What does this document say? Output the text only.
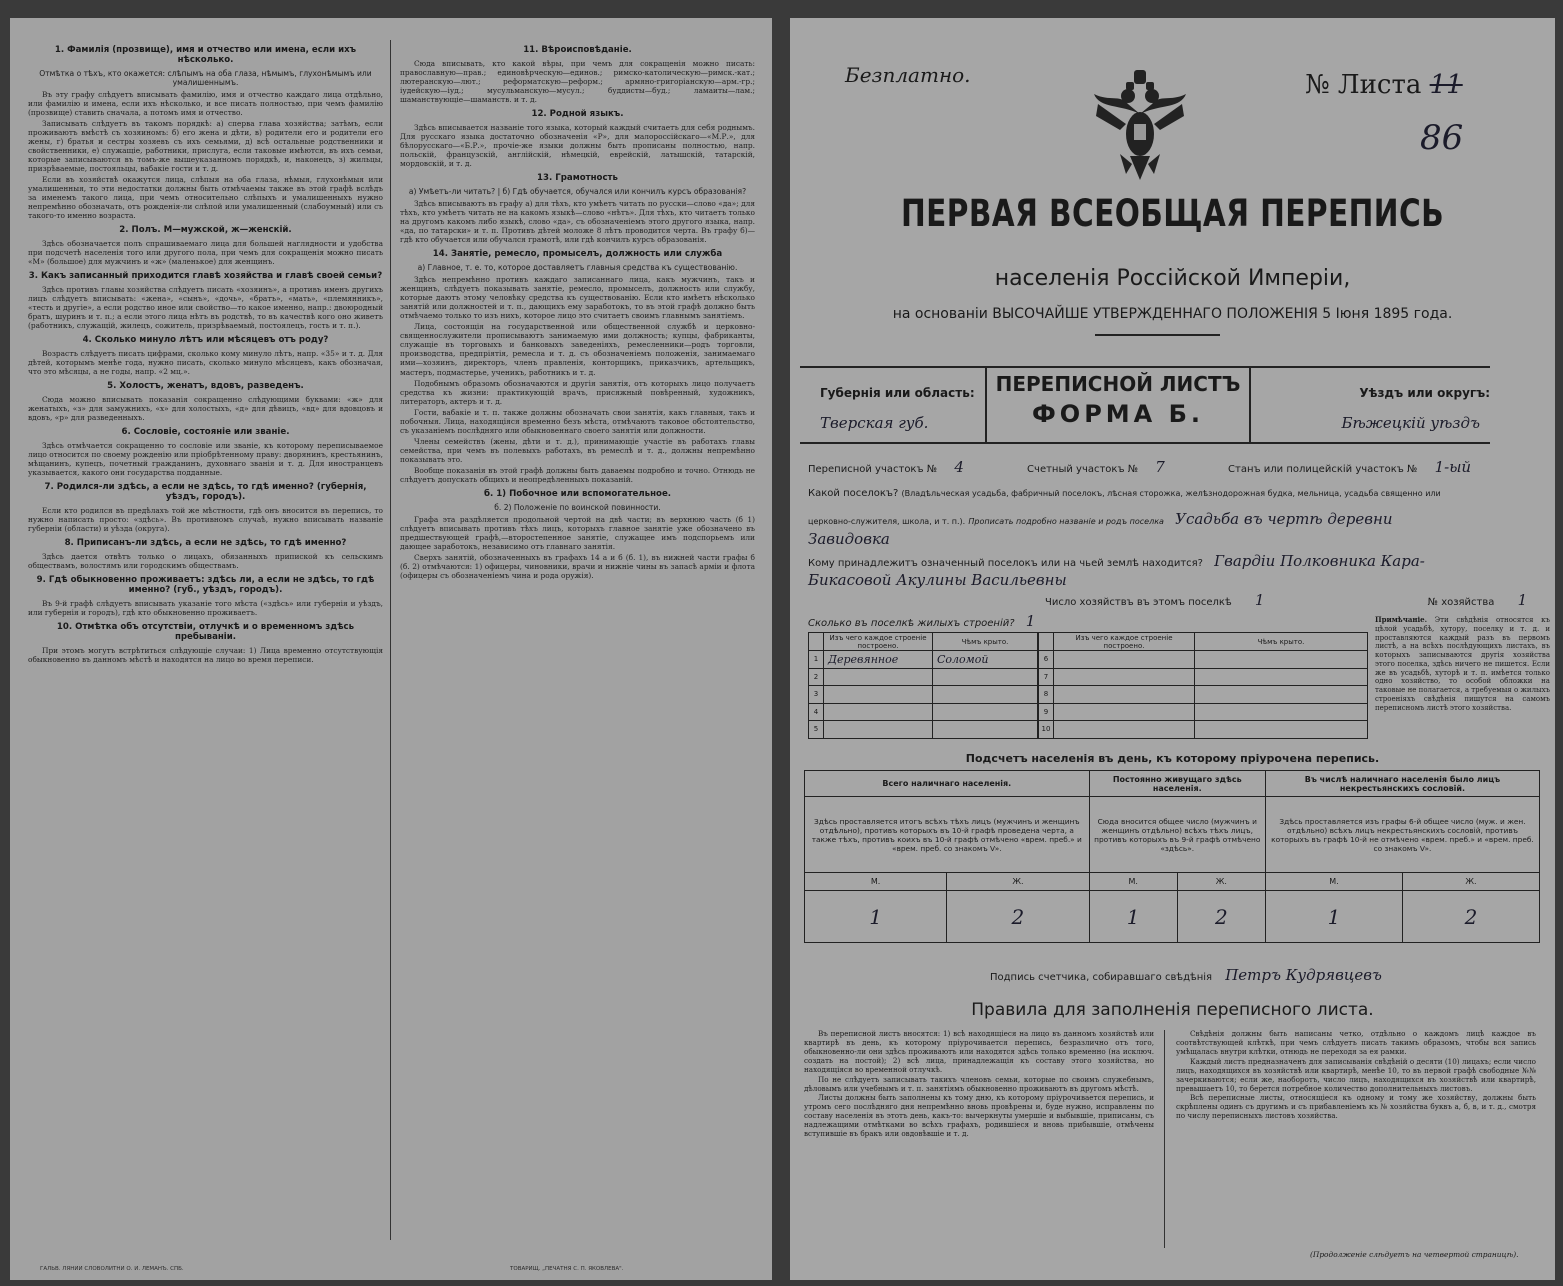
1. Фамилія (прозвище), имя и отчество или имена, если ихъ нѣсколько.
Отмѣтка о тѣхъ, кто окажется: слѣпымъ на оба глаза, нѣмымъ, глухонѣмымъ или умалишеннымъ.
Въ эту графу слѣдуетъ вписывать фамилію, имя и отчество каждаго лица отдѣльно, или фамилію и имена, если ихъ нѣсколько, и все писать полностью, при чемъ фамилію (прозвище) ставить сначала, а потомъ имя и отчество.
Записывать слѣдуетъ въ такомъ порядкѣ: а) сперва глава хозяйства; затѣмъ, если проживаютъ вмѣстѣ съ хозяиномъ: б) его жена и дѣти, в) родители его и родители его жены, г) братья и сестры хозяевъ съ ихъ семьями, д) всѣ остальные родственники и свойственники, е) служащіе, работники, прислуга, если таковые имѣются, въ ихъ семьи, которые записываются въ томъ-же вышеуказанномъ порядкѣ, и, наконецъ, з) жильцы, призрѣваемые, постояльцы, вабакіе гости и т. д.
Если въ хозяйствѣ окажутся лица, слѣпыя на оба глаза, нѣмыя, глухонѣмыя или умалишенныя, то эти недостатки должны быть отмѣчаемы также въ этой графѣ вслѣдъ за именемъ такого лица, при чемъ относительно слѣпыхъ и умалишенныхъ нужно непремѣнно обозначать, отъ рожденія-ли слѣпой или умалишенный (слабоумный) или съ такого-то именно возраста.
2. Полъ. М—мужской, ж—женскій.
Здѣсь обозначается полъ спрашиваемаго лица для большей наглядности и удобства при подсчетѣ населенія того или другого пола, при чемъ для сокращенія можно писать «М» (большое) для мужчинъ и «ж» (маленькое) для женщинъ.
3. Какъ записанный приходится главѣ хозяйства и главѣ своей семьи?
Здѣсь противъ главы хозяйства слѣдуетъ писать «хозяинъ», а противъ именъ другихъ лицъ слѣдуетъ вписывать: «жена», «сынъ», «дочь», «братъ», «мать», «племянникъ», «тесть и другіе», а если родство иное или свойство—то какое именно, напр.: двоюродный братъ, шуринъ и т. п.; а если этого лица нѣтъ въ родствѣ, то въ качествѣ кого оно живетъ (работникъ, служащій, жилецъ, сожитель, призрѣваемый, постоялецъ, гость и т. п.).
4. Сколько минуло лѣтъ или мѣсяцевъ отъ роду?
Возрастъ слѣдуетъ писать цифрами, сколько кому минуло лѣтъ, напр. «35» и т. д. Для дѣтей, которымъ менѣе года, нужно писать, сколько минуло мѣсяцевъ, какъ обозначая, что это мѣсяцы, а не годы, напр. «2 мц.».
5. Холостъ, женатъ, вдовъ, разведенъ.
Сюда можно вписывать показанія сокращенно слѣдующими буквами: «ж» для женатыхъ, «з» для замужнихъ, «х» для холостыхъ, «д» для дѣвицъ, «вд» для вдовцовъ и вдовъ, «р» для разведенныхъ.
6. Сословіе, состояніе или званіе.
Здѣсь отмѣчается сокращенно то сословіе или званіе, къ которому переписываемое лицо относится по своему рожденію или пріобрѣтенному праву: дворянинъ, крестьянинъ, мѣщанинъ, купецъ, почетный гражданинъ, духовнаго званія и т. д. Для иностранцевъ указывается, какого они государства подданные.
7. Родился-ли здѣсь, а если не здѣсь, то гдѣ именно? (губернія, уѣздъ, городъ).
Если кто родился въ предѣлахъ той же мѣстности, гдѣ онъ вносится въ перепись, то нужно написать просто: «здѣсь». Въ противномъ случаѣ, нужно вписывать названіе губерніи (области) и уѣзда (округа).
8. Приписанъ-ли здѣсь, а если не здѣсь, то гдѣ именно?
Здѣсь дается отвѣтъ только о лицахъ, обязанныхъ припиской къ сельскимъ обществамъ, волостямъ или городскимъ обществамъ.
9. Гдѣ обыкновенно проживаетъ: здѣсь ли, а если не здѣсь, то гдѣ именно? (губ., уѣздъ, городъ).
Въ 9-й графѣ слѣдуетъ вписывать указаніе того мѣста («здѣсь» или губернія и уѣздъ, или губернія и городъ), гдѣ кто обыкновенно проживаетъ.
10. Отмѣтка объ отсутствіи, отлучкѣ и о временномъ здѣсь пребываніи.
При этомъ могутъ встрѣтиться слѣдующіе случаи: 1) Лица временно отсутствующія обыкновенно въ данномъ мѣстѣ и находятся на лицо во время переписи.
11. Вѣроисповѣданіе.
Сюда вписывать, кто какой вѣры, при чемъ для сокращенія можно писать: православную—прав.; единовѣрческую—единов.; римско-католическую—римск.-кат.; лютеранскую—лют.; реформатскую—реформ.; армяно-григоріанскую—арм.-гр.; іудейскую—іуд.; мусульманскую—мусул.; буддисты—буд.; ламаиты—лам.; шаманствующіе—шаманств. и т. д.
12. Родной языкъ.
Здѣсь вписывается названіе того языка, который каждый считаетъ для себя роднымъ. Для русскаго языка достаточно обозначенія «Р», для малороссійскаго—«М.Р.», для бѣлорусскаго—«Б.Р.», прочіе-же языки должны быть прописаны полностью, напр. польскій, французскій, англійскій, нѣмецкій, еврейскій, латышскій, татарскій, мордовскій, и т. д.
13. Грамотность
а) Умѣетъ-ли читать? | б) Гдѣ обучается, обучался или кончилъ курсъ образованія?
Здѣсь вписываютъ въ графу а) для тѣхъ, кто умѣетъ читать по русски—слово «да»; для тѣхъ, кто умѣетъ читать не на какомъ языкѣ—слово «нѣтъ». Для тѣхъ, кто читаетъ только на другомъ какомъ либо языкѣ, слово «да», съ обозначеніемъ этого другого языка, напр. «да, по татарски» и т. п. Противъ дѣтей моложе 8 лѣтъ проводится черта. Въ графу б)—гдѣ кто обучается или обучался грамотѣ, или гдѣ кончилъ курсъ образованія.
14. Занятіе, ремесло, промыселъ, должность или служба
а) Главное, т. е. то, которое доставляетъ главныя средства къ существованію.
Здѣсь непремѣнно противъ каждаго записаннаго лица, какъ мужчинъ, такъ и женщинъ, слѣдуетъ показывать занятіе, ремесло, промыселъ, должность или службу, которые даютъ этому человѣку средства къ существованію. Если кто имѣетъ нѣсколько занятій или должностей и т. п., дающихъ ему заработокъ, то въ этой графѣ должно быть отмѣчаемо только то изъ нихъ, которое лицо это считаетъ своимъ главнымъ занятіемъ.
Лица, состоящія на государственной или общественной службѣ и церковно-священнослужители прописываютъ занимаемую ими должность; купцы, фабриканты, служащіе въ торговыхъ и банковыхъ заведеніяхъ, ремесленники—родъ торговли, производства, предпріятія, ремесла и т. д. съ обозначеніемъ положенія, занимаемаго ими—хозяинъ, директоръ, членъ правленія, конторщикъ, приказчикъ, артельщикъ, мастеръ, подмастерье, ученикъ, работникъ и т. д.
Подобнымъ образомъ обозначаются и другія занятія, отъ которыхъ лицо получаетъ средства къ жизни: практикующій врачъ, присяжный повѣренный, художникъ, литераторъ, актеръ и т. д.
Гости, вабакіе и т. п. также должны обозначать свои занятія, какъ главныя, такъ и побочныя. Лица, находящіяся временно безъ мѣста, отмѣчаютъ таковое обстоятельство, съ указаніемъ послѣдняго или обыкновеннаго своего занятія или должности.
Члены семействъ (жены, дѣти и т. д.), принимающіе участіе въ работахъ главы семейства, при чемъ въ полевыхъ работахъ, въ ремеслѣ и т. д., должны непремѣнно показывать это.
Вообще показанія въ этой графѣ должны быть даваемы подробно и точно. Отнюдь не слѣдуетъ допускать общихъ и неопредѣленныхъ показаній.
б. 1) Побочное или вспомогательное.
б. 2) Положеніе по воинской повинности.
Графа эта раздѣляется продольной чертой на двѣ части; въ верхнюю часть (б 1) слѣдуетъ вписывать противъ тѣхъ лицъ, которыхъ главное занятіе уже обозначено въ предшествующей графѣ,—второстепенное занятіе, служащее имъ подспорьемъ или дающее заработокъ, независимо отъ главнаго занятія.
Сверхъ занятій, обозначенныхъ въ графахъ 14 а и б (б. 1), въ нижней части графы б (б. 2) отмѣчаются: 1) офицеры, чиновники, врачи и нижніе чины въ запасѣ арміи и флота (офицеры съ обозначеніемъ чина и рода оружія).
ГАЛЬВ. ЛЯНИИ СЛОВОЛИТНИ О. И. ЛЕМАНЪ. СПБ.	ТОВАРИЩ. „ПЕЧАТНЯ С. П. ЯКОВЛЕВА".
Безплатно.	№ Листа 11
86
ПЕРВАЯ ВСЕОБЩАЯ ПЕРЕПИСЬ
населенія Россійской Имперіи,
на основаніи ВЫСОЧАЙШЕ УТВЕРЖДЕННАГО ПОЛОЖЕНІЯ 5 Іюня 1895 года.
Губернія или область:
Тверская губ.
ПЕРЕПИСНОЙ ЛИСТЪ
ФОРМА Б.
Уѣздъ или округъ:
Бѣжецкій уѣздъ
Переписной участокъ № 4	Счетный участокъ № 7	Станъ или полицейскій участокъ № 1-ый
Какой поселокъ? (Владѣльческая усадьба, фабричный поселокъ, лѣсная сторожка, желѣзнодорожная будка, мельница, усадьба священно или
церковно-служителя, школа, и т. п.). Прописать подробно названіе и родъ поселка Усадьба въ чертѣ деревни
Завидовка
Кому принадлежитъ означенный поселокъ или на чьей землѣ находится? Гвардіи Полковника Кара-
Бикасовой Акулины Васильевны
Число хозяйствъ въ этомъ поселкѣ 1	№ хозяйства 1
Сколько въ поселкѣ жилыхъ строеній? 1
	Изъ чего каждое строеніе построено.	Чѣмъ крыто.
1	Деревянное	Соломой
2		
3		
4		
5		
	Изъ чего каждое строеніе построено.	Чѣмъ крыто.
6		
7		
8		
9		
10		
Примѣчаніе. Эти свѣдѣнія относятся къ цѣлой усадьбѣ, хутору, поселку и т. д. и проставляются каждый разъ въ первомъ листѣ, а на всѣхъ послѣдующихъ листахъ, въ которыхъ записываются другія хозяйства этого поселка, здѣсь ничего не пишется. Если же въ усадьбѣ, хуторѣ и т. п. имѣется только одно хозяйство, то особой обложки на таковые не полагается, а требуемыя о жилыхъ строеніяхъ свѣдѣнія пишутся на самомъ переписномъ листѣ этого хозяйства.
Подсчетъ населенія въ день, къ которому пріурочена перепись.
Всего наличнаго населенія.		Постоянно живущаго здѣсь населенія.		Въ числѣ наличнаго населенія было лицъ некрестьянскихъ сословій.	
Здѣсь проставляется итогъ всѣхъ тѣхъ лицъ (мужчинъ и женщинъ отдѣльно), противъ которыхъ въ 10-й графѣ проведена черта, а также тѣхъ, противъ коихъ въ 10-й графѣ отмѣчено «врем. преб.» и «врем. преб. со знакомъ V».		Сюда вносится общее число (мужчинъ и женщинъ отдѣльно) всѣхъ тѣхъ лицъ, противъ которыхъ въ 9-й графѣ отмѣчено «здѣсь».		Здѣсь проставляется изъ графы 6-й общее число (муж. и жен. отдѣльно) всѣхъ лицъ некрестьянскихъ сословій, противъ которыхъ въ графѣ 10-й не отмѣчено «врем. преб.» и «врем. преб. со знакомъ V».	
М.	Ж.	М.	Ж.	М.	Ж.
1	2	1	2	1	2
Подпись счетчика, собиравшаго свѣдѣнія Петръ Кудрявцевъ
Правила для заполненія переписного листа.

Въ переписной листъ вносятся: 1) всѣ находящіеся на лицо въ данномъ хозяйствѣ или квартирѣ въ день, къ которому пріурочивается перепись, безразлично отъ того, обыкновенно-ли они здѣсь проживаютъ или находятся здѣсь только временно (на исключ. создать на постой); 2) всѣ лица, принадлежащія къ составу этого хозяйства, но находящіяся во временной отлучкѣ.

По не слѣдуетъ записывать такихъ членовъ семьи, которые по своимъ служебнымъ, дѣловымъ или учебнымъ и т. п. занятіямъ обыкновенно проживаютъ въ другомъ мѣстѣ.

Листы должны быть заполнены къ тому дню, къ которому пріурочивается перепись, и утромъ сего послѣдняго дня непремѣнно вновь провѣрены и, буде нужно, исправлены по составу населенія въ этотъ день, какъ-то: вычеркнуты умершіе и выбывшіе, приписаны, съ надлежащими отмѣтками во всѣхъ графахъ, родившіеся и вновь прибывшіе, отмѣчены вступившіе въ бракъ или овдовѣвшіе и т. д.

Свѣдѣнія должны быть написаны четко, отдѣльно о каждомъ лицѣ каждое въ соотвѣтствующей клѣткѣ, при чемъ слѣдуетъ писать такимъ образомъ, чтобы вся запись умѣщалась внутри клѣтки, отнюдь не переходя за ея рамки.

Каждый листъ предназначенъ для записыванія свѣдѣній о десяти (10) лицахъ; если число лицъ, находящихся въ хозяйствѣ или квартирѣ, менѣе 10, то въ первой графѣ свободные №№ зачеркиваются; если же, наоборотъ, число лицъ, находящихся въ хозяйствѣ или квартирѣ, превышаетъ 10, то берется потребное количество дополнительныхъ листовъ.

Всѣ переписные листы, относящіеся къ одному и тому же хозяйству, должны быть скрѣплены одинъ съ другимъ и съ прибавленіемъ къ № хозяйства буквъ а, б, в, и т. д., смотря по числу переписныхъ листовъ хозяйства.

(Продолженіе слѣдуетъ на четвертой страницѣ).
